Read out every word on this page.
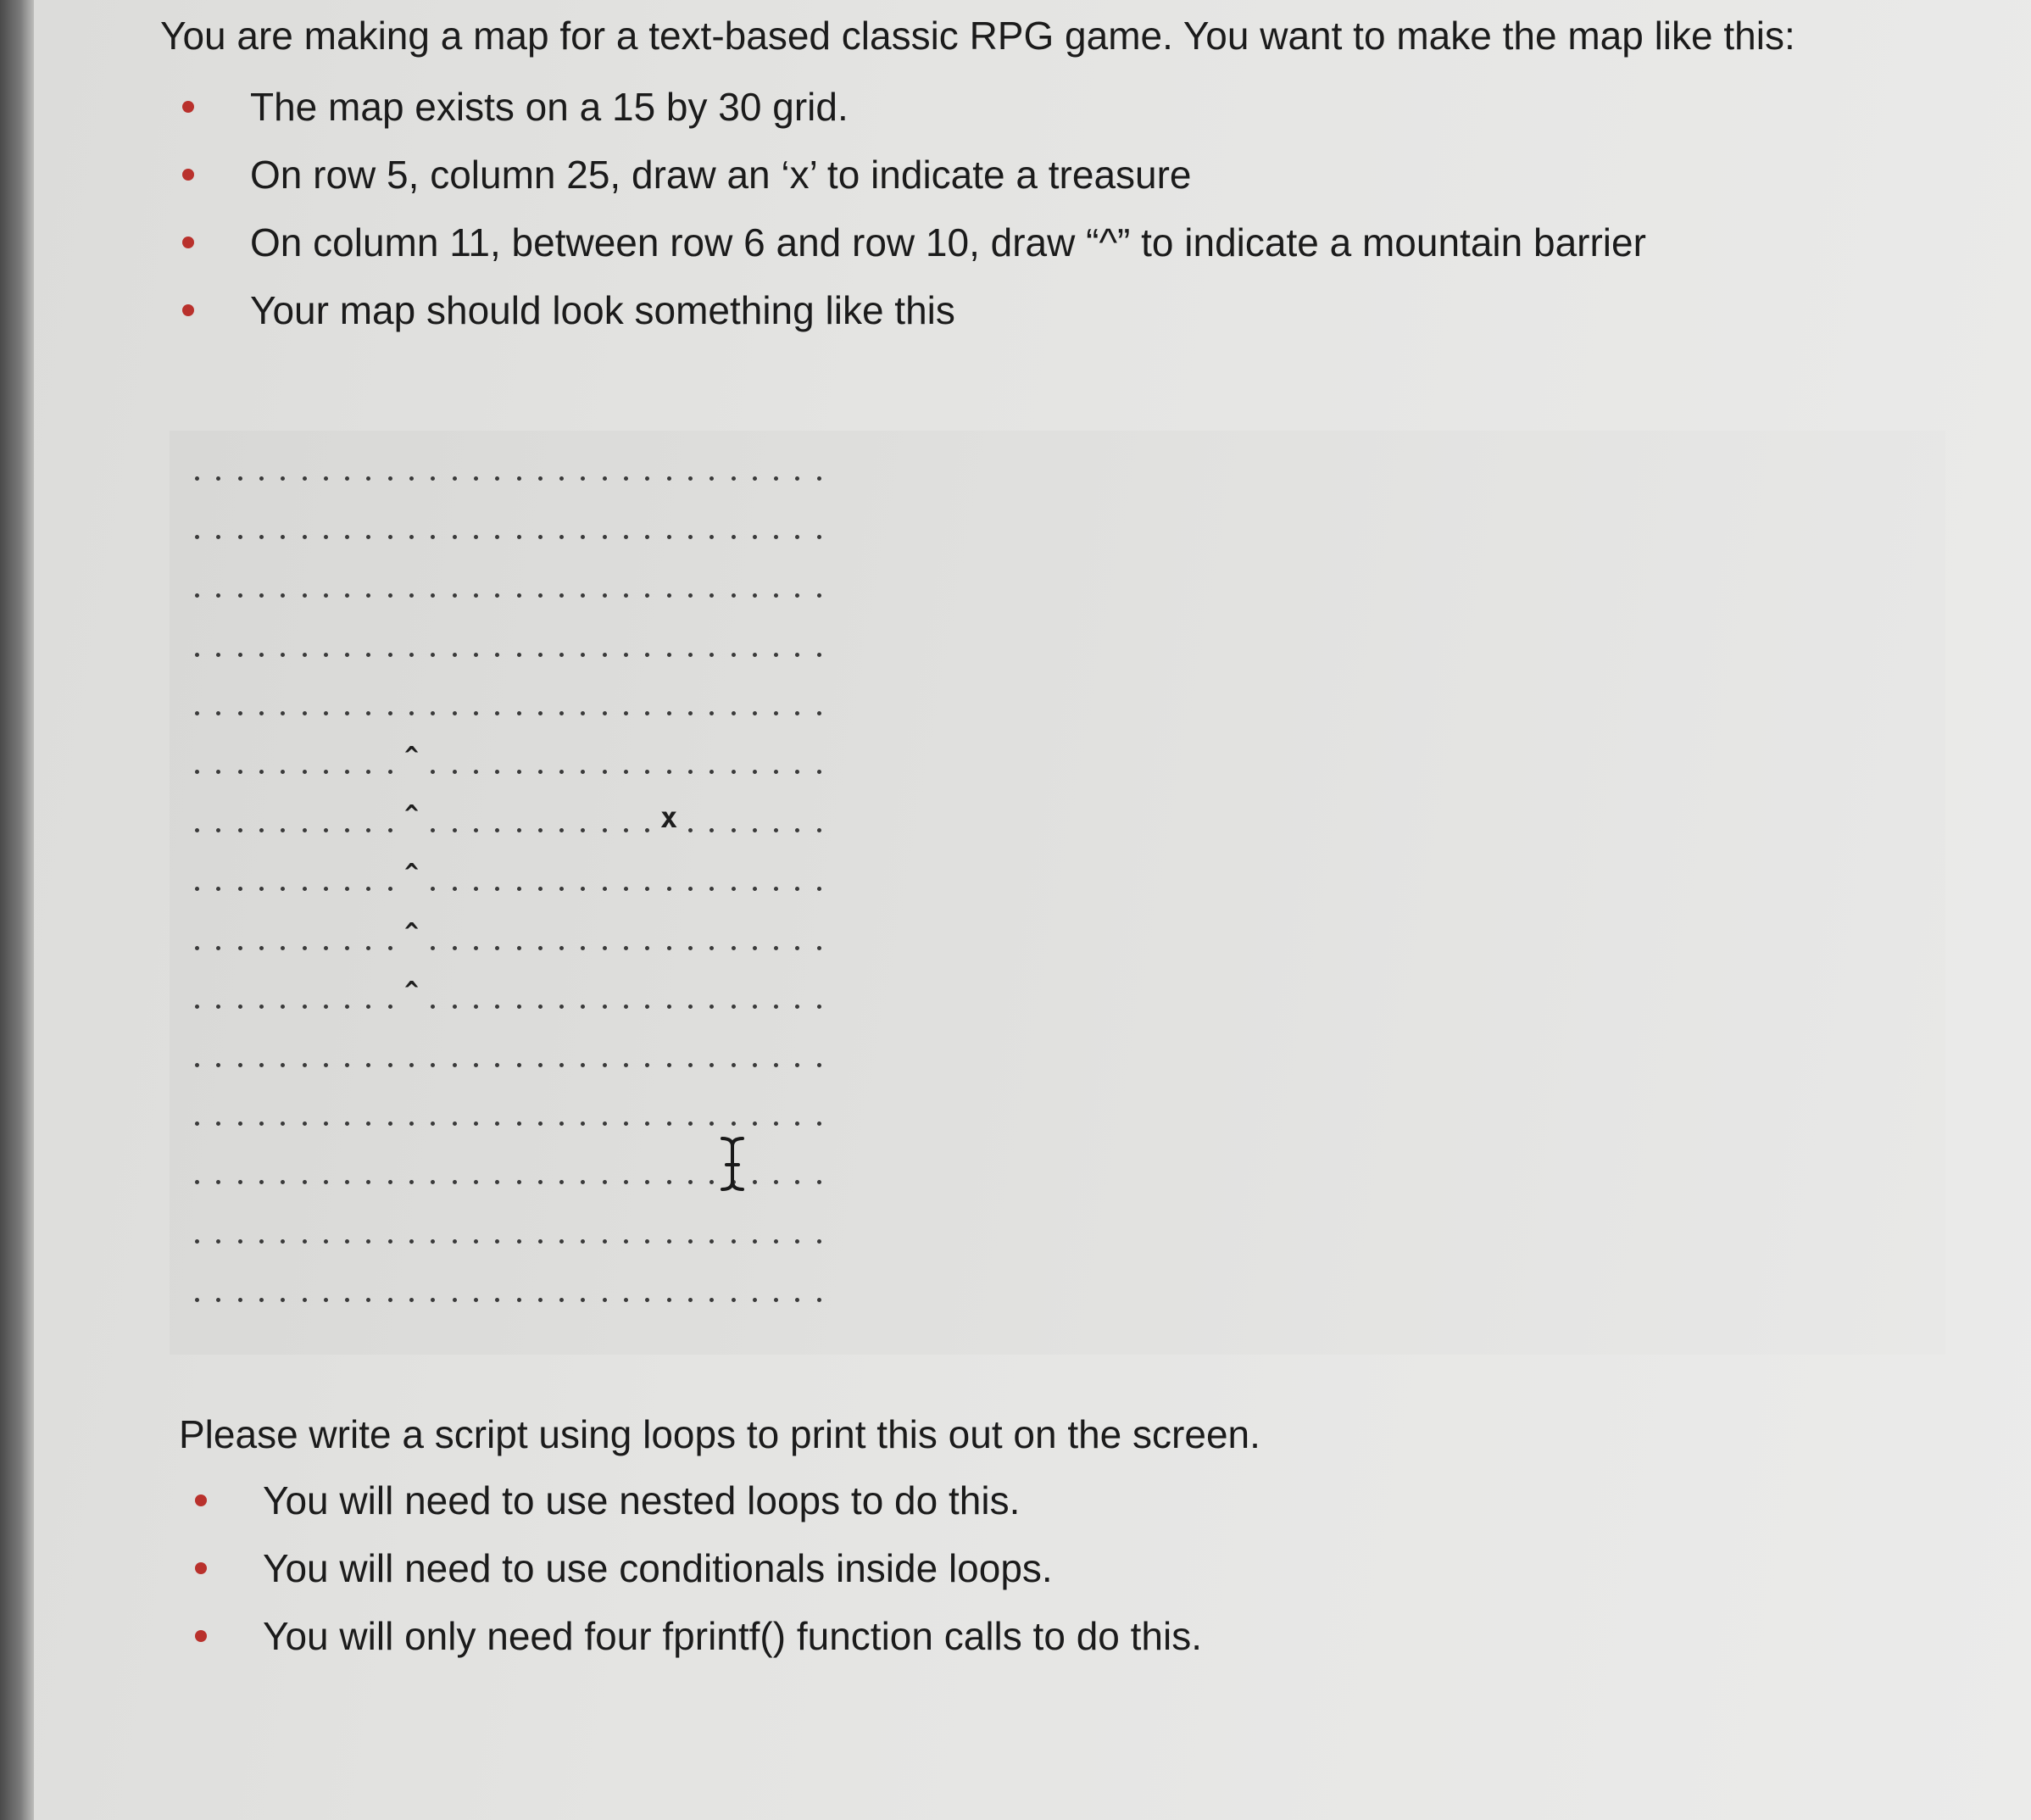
You are making a map for a text-based classic RPG game. You want to make the map like this:

The map exists on a 15 by 30 grid.
On row 5, column 25, draw an ‘x’ to indicate a treasure
On column 11, between row 6 and row 10, draw “^” to indicate a mountain barrier
Your map should look something like this
^
^	x
^
^
^

Please write a script using loops to print this out on the screen.

You will need to use nested loops to do this.
You will need to use conditionals inside loops.
You will only need four fprintf() function calls to do this.
